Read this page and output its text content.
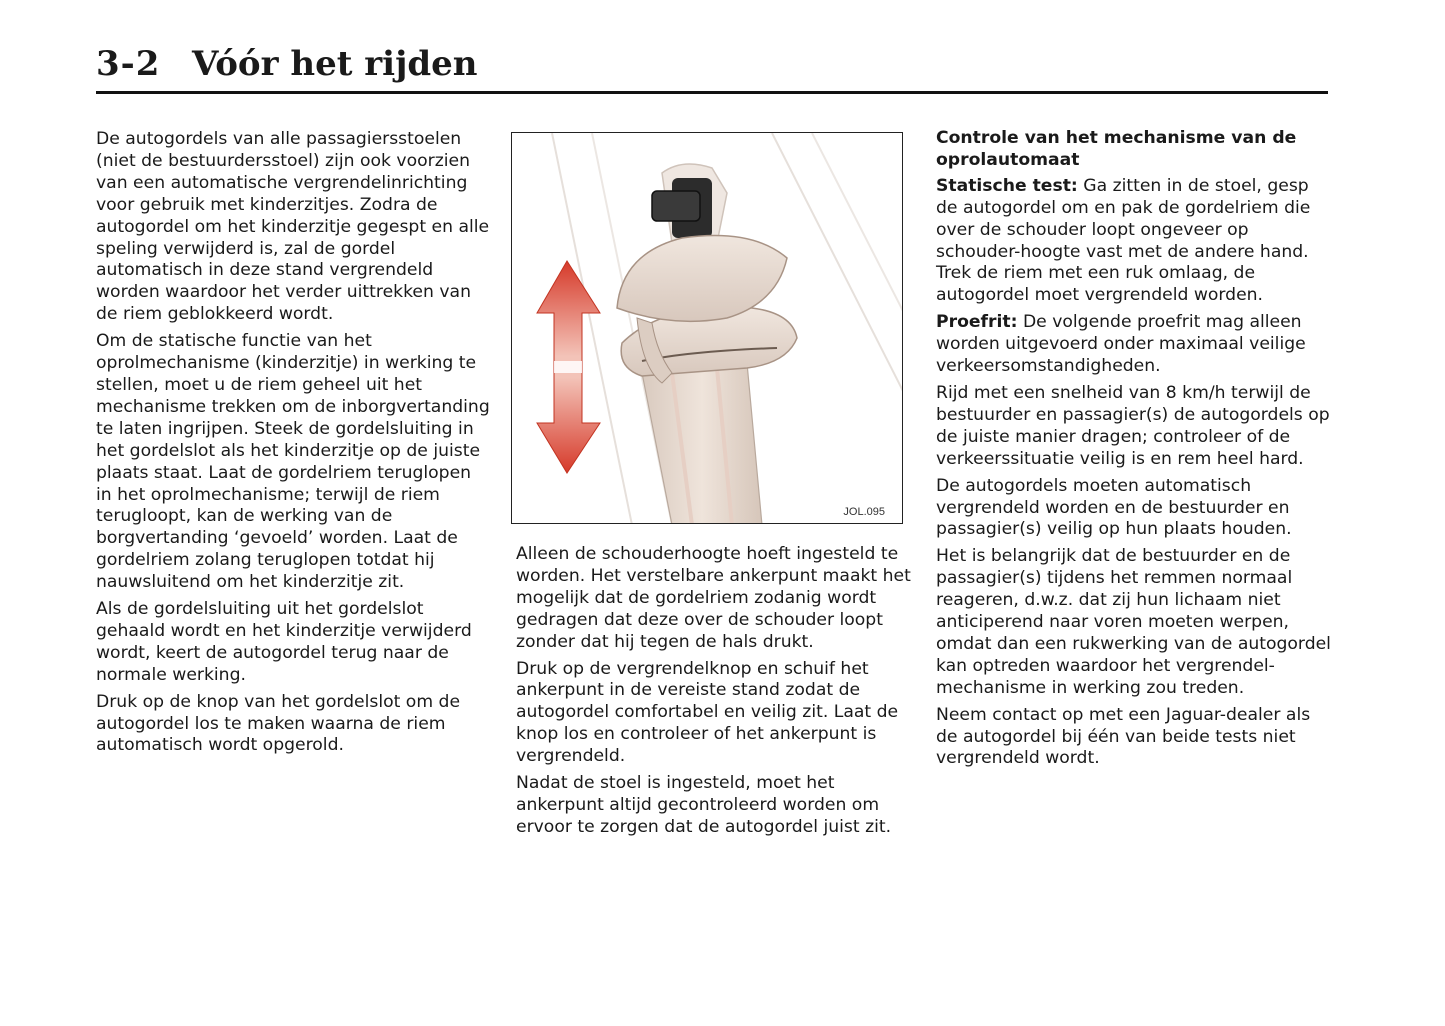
3-2 Vóór het rijden

De autogordels van alle passagiersstoelen (niet de bestuurdersstoel) zijn ook voorzien van een automatische vergrendelinrichting voor gebruik met kinderzitjes. Zodra de autogordel om het kinderzitje gegespt en alle speling verwijderd is, zal de gordel automatisch in deze stand vergrendeld worden waardoor het verder uittrekken van de riem geblokkeerd wordt.

Om de statische functie van het oprolmechanisme (kinderzitje) in werking te stellen, moet u de riem geheel uit het mechanisme trekken om de inborgvertanding te laten ingrijpen. Steek de gordelsluiting in het gordelslot als het kinderzitje op de juiste plaats staat. Laat de gordelriem teruglopen in het oprolmechanisme; terwijl de riem terugloopt, kan de werking van de borgvertanding ‘gevoeld’ worden. Laat de gordelriem zolang teruglopen totdat hij nauwsluitend om het kinderzitje zit.

Als de gordelsluiting uit het gordelslot gehaald wordt en het kinderzitje verwijderd wordt, keert de autogordel terug naar de normale werking.

Druk op de knop van het gordelslot om de autogordel los te maken waarna de riem automatisch wordt opgerold.

JOL.095

Alleen de schouderhoogte hoeft ingesteld te worden. Het verstelbare ankerpunt maakt het mogelijk dat de gordelriem zodanig wordt gedragen dat deze over de schouder loopt zonder dat hij tegen de hals drukt.

Druk op de vergrendelknop en schuif het ankerpunt in de vereiste stand zodat de autogordel comfortabel en veilig zit. Laat de knop los en controleer of het ankerpunt is vergrendeld.

Nadat de stoel is ingesteld, moet het ankerpunt altijd gecontroleerd worden om ervoor te zorgen dat de autogordel juist zit.

Controle van het mechanisme van de oprolautomaat

Statische test: Ga zitten in de stoel, gesp de autogordel om en pak de gordelriem die over de schouder loopt ongeveer op schouder-hoogte vast met de andere hand. Trek de riem met een ruk omlaag, de autogordel moet vergrendeld worden.

Proefrit: De volgende proefrit mag alleen worden uitgevoerd onder maximaal veilige verkeersomstandigheden.

Rijd met een snelheid van 8 km/h terwijl de bestuurder en passagier(s) de autogordels op de juiste manier dragen; controleer of de verkeerssituatie veilig is en rem heel hard.

De autogordels moeten automatisch vergrendeld worden en de bestuurder en passagier(s) veilig op hun plaats houden.

Het is belangrijk dat de bestuurder en de passagier(s) tijdens het remmen normaal reageren, d.w.z. dat zij hun lichaam niet anticiperend naar voren moeten werpen, omdat dan een rukwerking van de autogordel kan optreden waardoor het vergrendel-mechanisme in werking zou treden.

Neem contact op met een Jaguar-dealer als de autogordel bij één van beide tests niet vergrendeld wordt.
